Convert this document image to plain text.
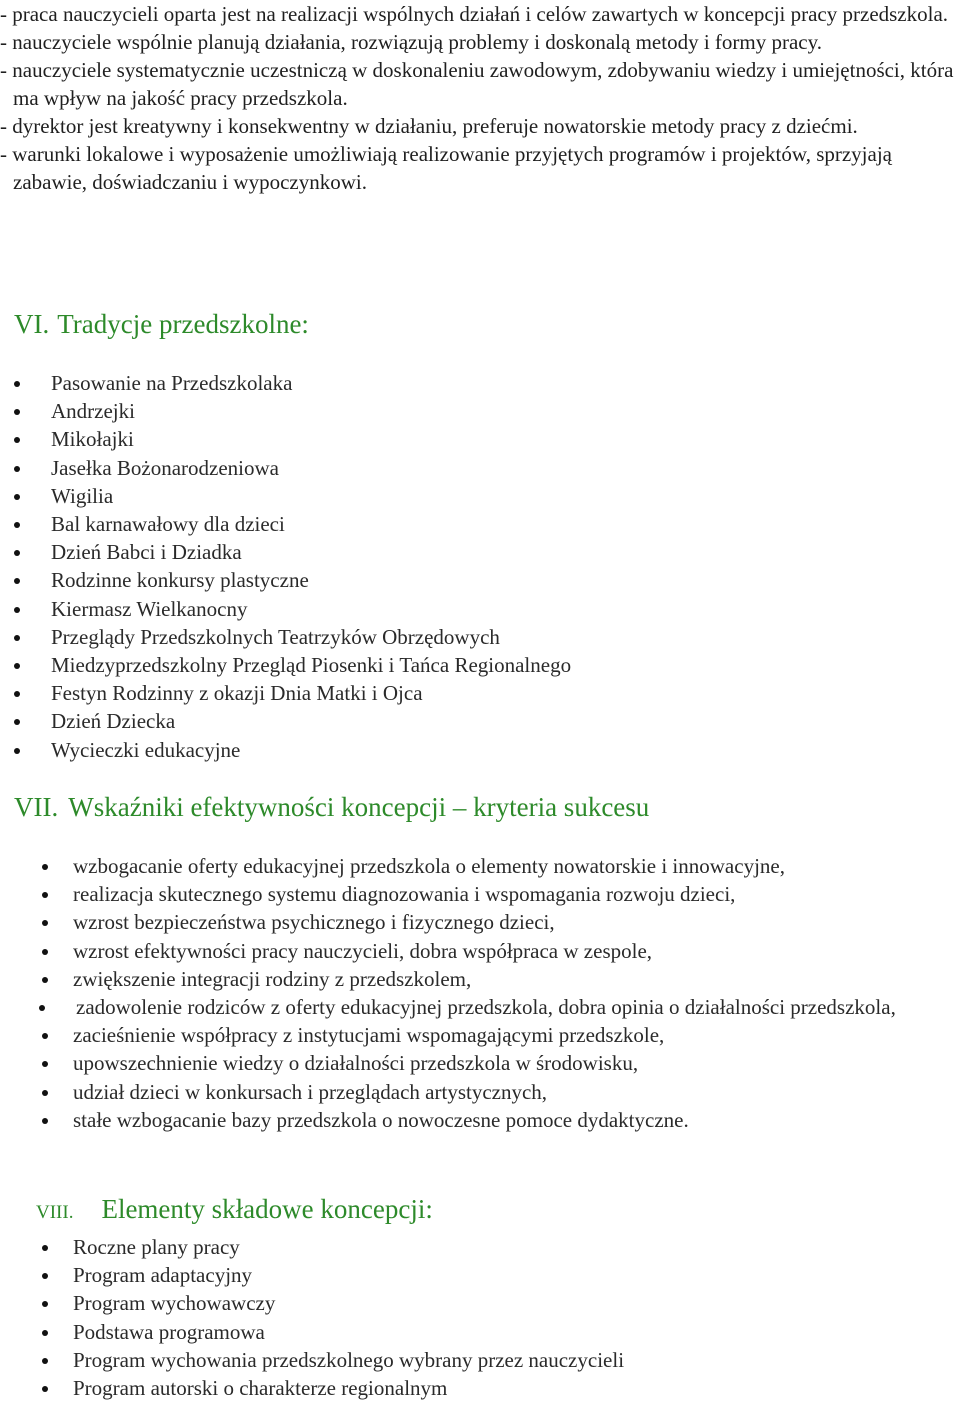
- praca nauczycieli oparta jest na realizacji wspólnych działań i celów zawartych w koncepcji pracy przedszkola.
- nauczyciele wspólnie planują działania, rozwiązują problemy i doskonalą metody i formy pracy.
- nauczyciele systematycznie uczestniczą w doskonaleniu zawodowym, zdobywaniu wiedzy i umiejętności, która ma wpływ na jakość pracy przedszkola.
- dyrektor jest kreatywny i konsekwentny w działaniu, preferuje nowatorskie metody pracy z dziećmi.
- warunki lokalowe i wyposażenie umożliwiają realizowanie przyjętych programów i projektów, sprzyjają zabawie, doświadczaniu i wypoczynkowi.
VI. Tradycje przedszkolne:
Pasowanie na Przedszkolaka
Andrzejki
Mikołajki
Jasełka Bożonarodzeniowa
Wigilia
Bal karnawałowy dla dzieci
Dzień Babci i Dziadka
Rodzinne konkursy plastyczne
Kiermasz Wielkanocny
Przeglądy Przedszkolnych Teatrzyków Obrzędowych
Miedzyprzedszkolny Przegląd Piosenki i Tańca Regionalnego
Festyn Rodzinny z okazji Dnia Matki i Ojca
Dzień Dziecka
Wycieczki edukacyjne
VII. Wskaźniki efektywności koncepcji – kryteria sukcesu
wzbogacanie oferty edukacyjnej przedszkola o elementy nowatorskie i innowacyjne,
realizacja skutecznego systemu diagnozowania i wspomagania rozwoju dzieci,
wzrost bezpieczeństwa psychicznego i fizycznego dzieci,
wzrost efektywności pracy nauczycieli, dobra współpraca w zespole,
zwiększenie integracji rodziny z przedszkolem,
zadowolenie rodziców z oferty edukacyjnej przedszkola, dobra opinia o działalności przedszkola,
zacieśnienie współpracy z instytucjami wspomagającymi przedszkole,
upowszechnienie wiedzy o działalności przedszkola w środowisku,
udział dzieci w konkursach i przeglądach artystycznych,
stałe wzbogacanie bazy przedszkola o nowoczesne pomoce dydaktyczne.
VIII. Elementy składowe koncepcji:
Roczne plany pracy
Program adaptacyjny
Program wychowawczy
Podstawa programowa
Program wychowania przedszkolnego wybrany przez nauczycieli
Program autorski o charakterze regionalnym
